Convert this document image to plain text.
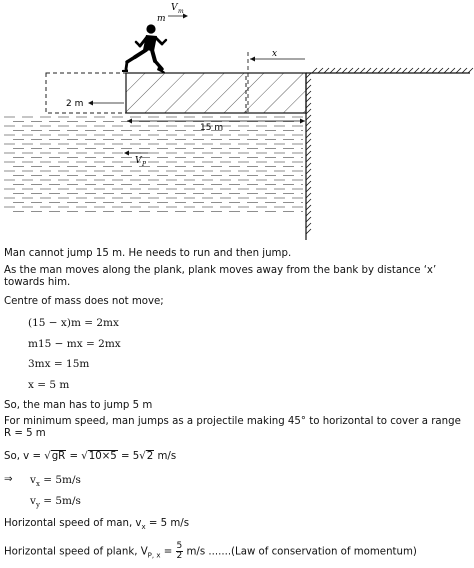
x
2 m
15 m
V P
m
V m
Man cannot jump 15 m. He needs to run and then jump.
As the man moves along the plank, plank moves away from the bank by distance ‘x’ towards him.
Centre of mass does not move;
(15 − x)m = 2mx
m15 − mx = 2mx
3mx = 15m
x = 5 m
So, the man has to jump 5 m
For minimum speed, man jumps as a projectile making 45° to horizontal to cover a range R = 5 m
So, v = √gR = √10×5 = 5√2 m/s
⇒ $v_x = 5m/s$
$v_y = 5m/s$
Horizontal speed of man, $v_x = 5$ m/s
Horizontal speed of plank, $V_{P, x} = \frac{5}{2} m/s$ .......(Law of conservation of momentum)
